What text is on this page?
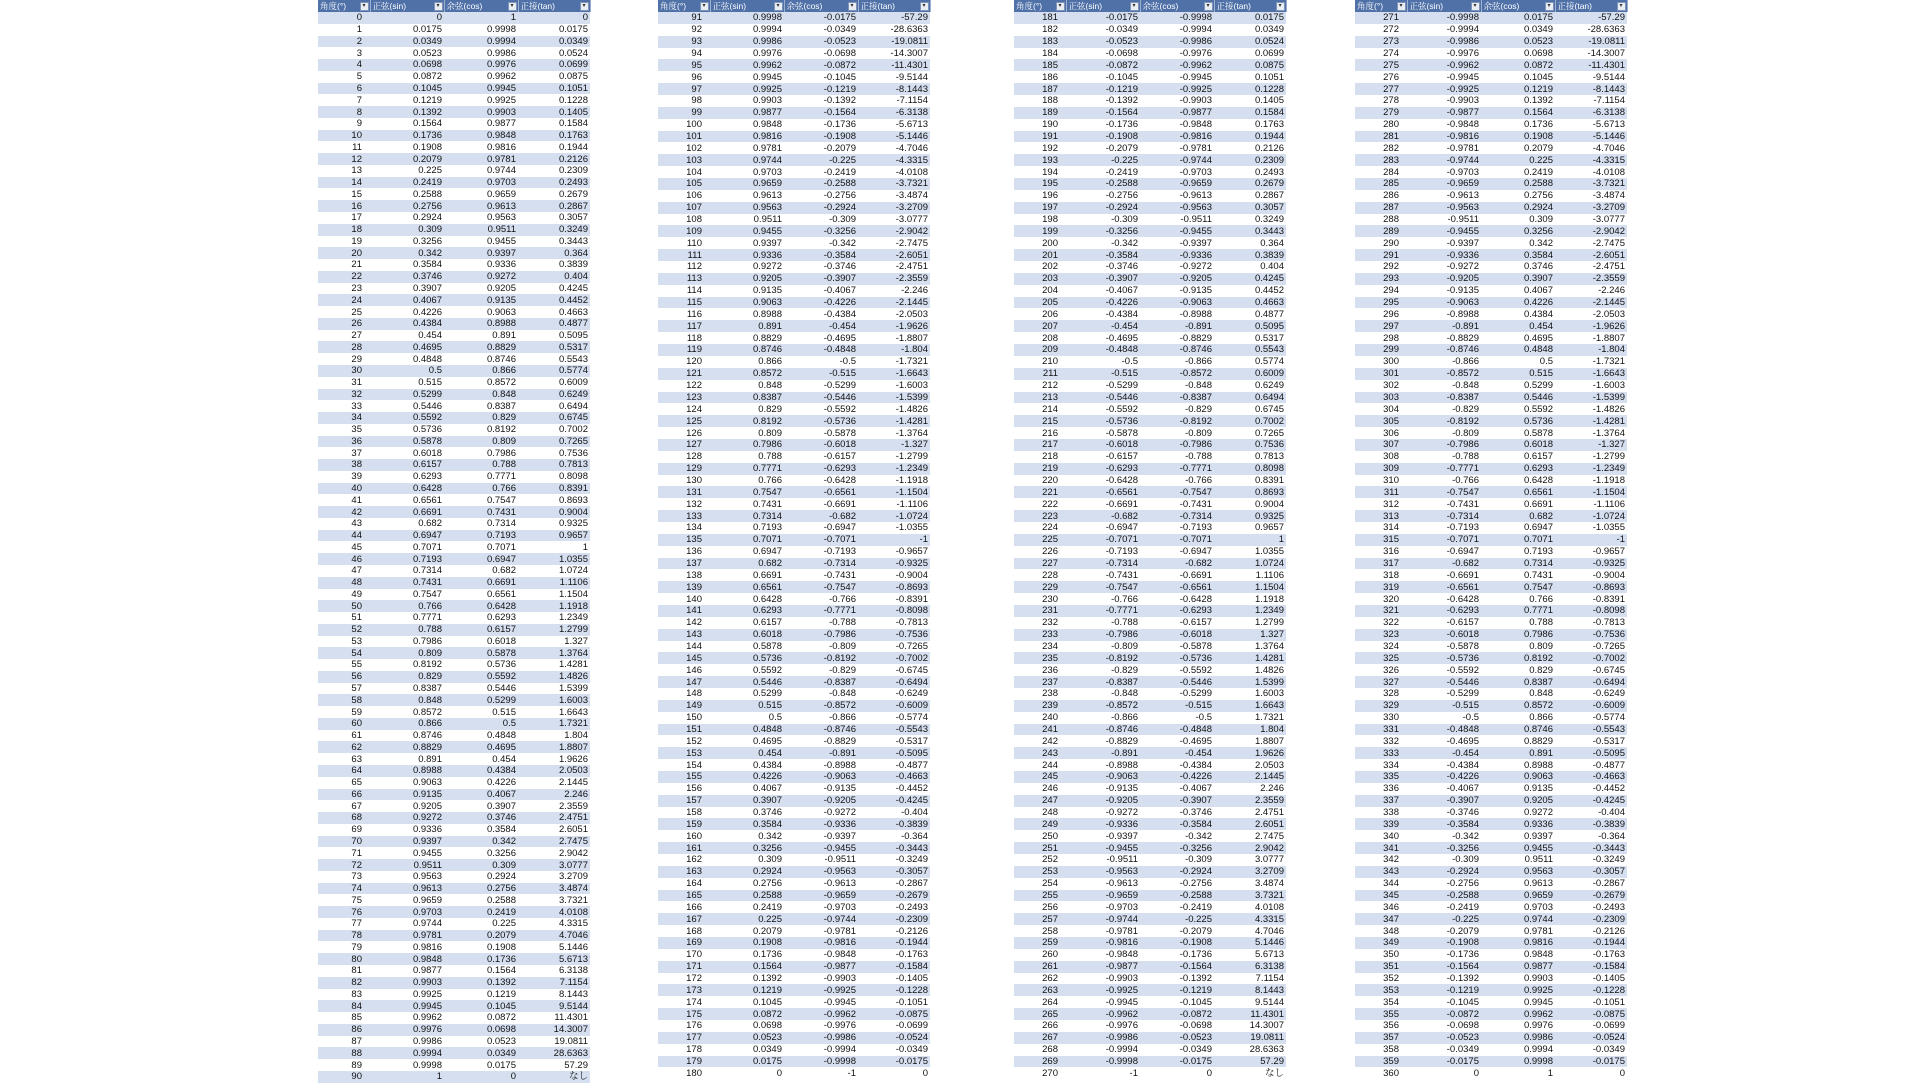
角度(°) ▾	正弦(sin) ▾	余弦(cos) ▾	正接(tan) ▾

0	0	1	0
1	0.0175	0.9998	0.0175
2	0.0349	0.9994	0.0349
3	0.0523	0.9986	0.0524
4	0.0698	0.9976	0.0699
5	0.0872	0.9962	0.0875
6	0.1045	0.9945	0.1051
7	0.1219	0.9925	0.1228
8	0.1392	0.9903	0.1405
9	0.1564	0.9877	0.1584
10	0.1736	0.9848	0.1763
11	0.1908	0.9816	0.1944
12	0.2079	0.9781	0.2126
13	0.225	0.9744	0.2309
14	0.2419	0.9703	0.2493
15	0.2588	0.9659	0.2679
16	0.2756	0.9613	0.2867
17	0.2924	0.9563	0.3057
18	0.309	0.9511	0.3249
19	0.3256	0.9455	0.3443
20	0.342	0.9397	0.364
21	0.3584	0.9336	0.3839
22	0.3746	0.9272	0.404
23	0.3907	0.9205	0.4245
24	0.4067	0.9135	0.4452
25	0.4226	0.9063	0.4663
26	0.4384	0.8988	0.4877
27	0.454	0.891	0.5095
28	0.4695	0.8829	0.5317
29	0.4848	0.8746	0.5543
30	0.5	0.866	0.5774
31	0.515	0.8572	0.6009
32	0.5299	0.848	0.6249
33	0.5446	0.8387	0.6494
34	0.5592	0.829	0.6745
35	0.5736	0.8192	0.7002
36	0.5878	0.809	0.7265
37	0.6018	0.7986	0.7536
38	0.6157	0.788	0.7813
39	0.6293	0.7771	0.8098
40	0.6428	0.766	0.8391
41	0.6561	0.7547	0.8693
42	0.6691	0.7431	0.9004
43	0.682	0.7314	0.9325
44	0.6947	0.7193	0.9657
45	0.7071	0.7071	1
46	0.7193	0.6947	1.0355
47	0.7314	0.682	1.0724
48	0.7431	0.6691	1.1106
49	0.7547	0.6561	1.1504
50	0.766	0.6428	1.1918
51	0.7771	0.6293	1.2349
52	0.788	0.6157	1.2799
53	0.7986	0.6018	1.327
54	0.809	0.5878	1.3764
55	0.8192	0.5736	1.4281
56	0.829	0.5592	1.4826
57	0.8387	0.5446	1.5399
58	0.848	0.5299	1.6003
59	0.8572	0.515	1.6643
60	0.866	0.5	1.7321
61	0.8746	0.4848	1.804
62	0.8829	0.4695	1.8807
63	0.891	0.454	1.9626
64	0.8988	0.4384	2.0503
65	0.9063	0.4226	2.1445
66	0.9135	0.4067	2.246
67	0.9205	0.3907	2.3559
68	0.9272	0.3746	2.4751
69	0.9336	0.3584	2.6051
70	0.9397	0.342	2.7475
71	0.9455	0.3256	2.9042
72	0.9511	0.309	3.0777
73	0.9563	0.2924	3.2709
74	0.9613	0.2756	3.4874
75	0.9659	0.2588	3.7321
76	0.9703	0.2419	4.0108
77	0.9744	0.225	4.3315
78	0.9781	0.2079	4.7046
79	0.9816	0.1908	5.1446
80	0.9848	0.1736	5.6713
81	0.9877	0.1564	6.3138
82	0.9903	0.1392	7.1154
83	0.9925	0.1219	8.1443
84	0.9945	0.1045	9.5144
85	0.9962	0.0872	11.4301
86	0.9976	0.0698	14.3007
87	0.9986	0.0523	19.0811
88	0.9994	0.0349	28.6363
89	0.9998	0.0175	57.29
90	1	0	なし
角度(°) ▾	正弦(sin) ▾	余弦(cos) ▾	正接(tan) ▾

91	0.9998	-0.0175	-57.29
92	0.9994	-0.0349	-28.6363
93	0.9986	-0.0523	-19.0811
94	0.9976	-0.0698	-14.3007
95	0.9962	-0.0872	-11.4301
96	0.9945	-0.1045	-9.5144
97	0.9925	-0.1219	-8.1443
98	0.9903	-0.1392	-7.1154
99	0.9877	-0.1564	-6.3138
100	0.9848	-0.1736	-5.6713
101	0.9816	-0.1908	-5.1446
102	0.9781	-0.2079	-4.7046
103	0.9744	-0.225	-4.3315
104	0.9703	-0.2419	-4.0108
105	0.9659	-0.2588	-3.7321
106	0.9613	-0.2756	-3.4874
107	0.9563	-0.2924	-3.2709
108	0.9511	-0.309	-3.0777
109	0.9455	-0.3256	-2.9042
110	0.9397	-0.342	-2.7475
111	0.9336	-0.3584	-2.6051
112	0.9272	-0.3746	-2.4751
113	0.9205	-0.3907	-2.3559
114	0.9135	-0.4067	-2.246
115	0.9063	-0.4226	-2.1445
116	0.8988	-0.4384	-2.0503
117	0.891	-0.454	-1.9626
118	0.8829	-0.4695	-1.8807
119	0.8746	-0.4848	-1.804
120	0.866	-0.5	-1.7321
121	0.8572	-0.515	-1.6643
122	0.848	-0.5299	-1.6003
123	0.8387	-0.5446	-1.5399
124	0.829	-0.5592	-1.4826
125	0.8192	-0.5736	-1.4281
126	0.809	-0.5878	-1.3764
127	0.7986	-0.6018	-1.327
128	0.788	-0.6157	-1.2799
129	0.7771	-0.6293	-1.2349
130	0.766	-0.6428	-1.1918
131	0.7547	-0.6561	-1.1504
132	0.7431	-0.6691	-1.1106
133	0.7314	-0.682	-1.0724
134	0.7193	-0.6947	-1.0355
135	0.7071	-0.7071	-1
136	0.6947	-0.7193	-0.9657
137	0.682	-0.7314	-0.9325
138	0.6691	-0.7431	-0.9004
139	0.6561	-0.7547	-0.8693
140	0.6428	-0.766	-0.8391
141	0.6293	-0.7771	-0.8098
142	0.6157	-0.788	-0.7813
143	0.6018	-0.7986	-0.7536
144	0.5878	-0.809	-0.7265
145	0.5736	-0.8192	-0.7002
146	0.5592	-0.829	-0.6745
147	0.5446	-0.8387	-0.6494
148	0.5299	-0.848	-0.6249
149	0.515	-0.8572	-0.6009
150	0.5	-0.866	-0.5774
151	0.4848	-0.8746	-0.5543
152	0.4695	-0.8829	-0.5317
153	0.454	-0.891	-0.5095
154	0.4384	-0.8988	-0.4877
155	0.4226	-0.9063	-0.4663
156	0.4067	-0.9135	-0.4452
157	0.3907	-0.9205	-0.4245
158	0.3746	-0.9272	-0.404
159	0.3584	-0.9336	-0.3839
160	0.342	-0.9397	-0.364
161	0.3256	-0.9455	-0.3443
162	0.309	-0.9511	-0.3249
163	0.2924	-0.9563	-0.3057
164	0.2756	-0.9613	-0.2867
165	0.2588	-0.9659	-0.2679
166	0.2419	-0.9703	-0.2493
167	0.225	-0.9744	-0.2309
168	0.2079	-0.9781	-0.2126
169	0.1908	-0.9816	-0.1944
170	0.1736	-0.9848	-0.1763
171	0.1564	-0.9877	-0.1584
172	0.1392	-0.9903	-0.1405
173	0.1219	-0.9925	-0.1228
174	0.1045	-0.9945	-0.1051
175	0.0872	-0.9962	-0.0875
176	0.0698	-0.9976	-0.0699
177	0.0523	-0.9986	-0.0524
178	0.0349	-0.9994	-0.0349
179	0.0175	-0.9998	-0.0175
180	0	-1	0
角度(°) ▾	正弦(sin) ▾	余弦(cos) ▾	正接(tan) ▾

181	-0.0175	-0.9998	0.0175
182	-0.0349	-0.9994	0.0349
183	-0.0523	-0.9986	0.0524
184	-0.0698	-0.9976	0.0699
185	-0.0872	-0.9962	0.0875
186	-0.1045	-0.9945	0.1051
187	-0.1219	-0.9925	0.1228
188	-0.1392	-0.9903	0.1405
189	-0.1564	-0.9877	0.1584
190	-0.1736	-0.9848	0.1763
191	-0.1908	-0.9816	0.1944
192	-0.2079	-0.9781	0.2126
193	-0.225	-0.9744	0.2309
194	-0.2419	-0.9703	0.2493
195	-0.2588	-0.9659	0.2679
196	-0.2756	-0.9613	0.2867
197	-0.2924	-0.9563	0.3057
198	-0.309	-0.9511	0.3249
199	-0.3256	-0.9455	0.3443
200	-0.342	-0.9397	0.364
201	-0.3584	-0.9336	0.3839
202	-0.3746	-0.9272	0.404
203	-0.3907	-0.9205	0.4245
204	-0.4067	-0.9135	0.4452
205	-0.4226	-0.9063	0.4663
206	-0.4384	-0.8988	0.4877
207	-0.454	-0.891	0.5095
208	-0.4695	-0.8829	0.5317
209	-0.4848	-0.8746	0.5543
210	-0.5	-0.866	0.5774
211	-0.515	-0.8572	0.6009
212	-0.5299	-0.848	0.6249
213	-0.5446	-0.8387	0.6494
214	-0.5592	-0.829	0.6745
215	-0.5736	-0.8192	0.7002
216	-0.5878	-0.809	0.7265
217	-0.6018	-0.7986	0.7536
218	-0.6157	-0.788	0.7813
219	-0.6293	-0.7771	0.8098
220	-0.6428	-0.766	0.8391
221	-0.6561	-0.7547	0.8693
222	-0.6691	-0.7431	0.9004
223	-0.682	-0.7314	0.9325
224	-0.6947	-0.7193	0.9657
225	-0.7071	-0.7071	1
226	-0.7193	-0.6947	1.0355
227	-0.7314	-0.682	1.0724
228	-0.7431	-0.6691	1.1106
229	-0.7547	-0.6561	1.1504
230	-0.766	-0.6428	1.1918
231	-0.7771	-0.6293	1.2349
232	-0.788	-0.6157	1.2799
233	-0.7986	-0.6018	1.327
234	-0.809	-0.5878	1.3764
235	-0.8192	-0.5736	1.4281
236	-0.829	-0.5592	1.4826
237	-0.8387	-0.5446	1.5399
238	-0.848	-0.5299	1.6003
239	-0.8572	-0.515	1.6643
240	-0.866	-0.5	1.7321
241	-0.8746	-0.4848	1.804
242	-0.8829	-0.4695	1.8807
243	-0.891	-0.454	1.9626
244	-0.8988	-0.4384	2.0503
245	-0.9063	-0.4226	2.1445
246	-0.9135	-0.4067	2.246
247	-0.9205	-0.3907	2.3559
248	-0.9272	-0.3746	2.4751
249	-0.9336	-0.3584	2.6051
250	-0.9397	-0.342	2.7475
251	-0.9455	-0.3256	2.9042
252	-0.9511	-0.309	3.0777
253	-0.9563	-0.2924	3.2709
254	-0.9613	-0.2756	3.4874
255	-0.9659	-0.2588	3.7321
256	-0.9703	-0.2419	4.0108
257	-0.9744	-0.225	4.3315
258	-0.9781	-0.2079	4.7046
259	-0.9816	-0.1908	5.1446
260	-0.9848	-0.1736	5.6713
261	-0.9877	-0.1564	6.3138
262	-0.9903	-0.1392	7.1154
263	-0.9925	-0.1219	8.1443
264	-0.9945	-0.1045	9.5144
265	-0.9962	-0.0872	11.4301
266	-0.9976	-0.0698	14.3007
267	-0.9986	-0.0523	19.0811
268	-0.9994	-0.0349	28.6363
269	-0.9998	-0.0175	57.29
270	-1	0	なし
角度(°) ▾	正弦(sin) ▾	余弦(cos) ▾	正接(tan) ▾

271	-0.9998	0.0175	-57.29
272	-0.9994	0.0349	-28.6363
273	-0.9986	0.0523	-19.0811
274	-0.9976	0.0698	-14.3007
275	-0.9962	0.0872	-11.4301
276	-0.9945	0.1045	-9.5144
277	-0.9925	0.1219	-8.1443
278	-0.9903	0.1392	-7.1154
279	-0.9877	0.1564	-6.3138
280	-0.9848	0.1736	-5.6713
281	-0.9816	0.1908	-5.1446
282	-0.9781	0.2079	-4.7046
283	-0.9744	0.225	-4.3315
284	-0.9703	0.2419	-4.0108
285	-0.9659	0.2588	-3.7321
286	-0.9613	0.2756	-3.4874
287	-0.9563	0.2924	-3.2709
288	-0.9511	0.309	-3.0777
289	-0.9455	0.3256	-2.9042
290	-0.9397	0.342	-2.7475
291	-0.9336	0.3584	-2.6051
292	-0.9272	0.3746	-2.4751
293	-0.9205	0.3907	-2.3559
294	-0.9135	0.4067	-2.246
295	-0.9063	0.4226	-2.1445
296	-0.8988	0.4384	-2.0503
297	-0.891	0.454	-1.9626
298	-0.8829	0.4695	-1.8807
299	-0.8746	0.4848	-1.804
300	-0.866	0.5	-1.7321
301	-0.8572	0.515	-1.6643
302	-0.848	0.5299	-1.6003
303	-0.8387	0.5446	-1.5399
304	-0.829	0.5592	-1.4826
305	-0.8192	0.5736	-1.4281
306	-0.809	0.5878	-1.3764
307	-0.7986	0.6018	-1.327
308	-0.788	0.6157	-1.2799
309	-0.7771	0.6293	-1.2349
310	-0.766	0.6428	-1.1918
311	-0.7547	0.6561	-1.1504
312	-0.7431	0.6691	-1.1106
313	-0.7314	0.682	-1.0724
314	-0.7193	0.6947	-1.0355
315	-0.7071	0.7071	-1
316	-0.6947	0.7193	-0.9657
317	-0.682	0.7314	-0.9325
318	-0.6691	0.7431	-0.9004
319	-0.6561	0.7547	-0.8693
320	-0.6428	0.766	-0.8391
321	-0.6293	0.7771	-0.8098
322	-0.6157	0.788	-0.7813
323	-0.6018	0.7986	-0.7536
324	-0.5878	0.809	-0.7265
325	-0.5736	0.8192	-0.7002
326	-0.5592	0.829	-0.6745
327	-0.5446	0.8387	-0.6494
328	-0.5299	0.848	-0.6249
329	-0.515	0.8572	-0.6009
330	-0.5	0.866	-0.5774
331	-0.4848	0.8746	-0.5543
332	-0.4695	0.8829	-0.5317
333	-0.454	0.891	-0.5095
334	-0.4384	0.8988	-0.4877
335	-0.4226	0.9063	-0.4663
336	-0.4067	0.9135	-0.4452
337	-0.3907	0.9205	-0.4245
338	-0.3746	0.9272	-0.404
339	-0.3584	0.9336	-0.3839
340	-0.342	0.9397	-0.364
341	-0.3256	0.9455	-0.3443
342	-0.309	0.9511	-0.3249
343	-0.2924	0.9563	-0.3057
344	-0.2756	0.9613	-0.2867
345	-0.2588	0.9659	-0.2679
346	-0.2419	0.9703	-0.2493
347	-0.225	0.9744	-0.2309
348	-0.2079	0.9781	-0.2126
349	-0.1908	0.9816	-0.1944
350	-0.1736	0.9848	-0.1763
351	-0.1564	0.9877	-0.1584
352	-0.1392	0.9903	-0.1405
353	-0.1219	0.9925	-0.1228
354	-0.1045	0.9945	-0.1051
355	-0.0872	0.9962	-0.0875
356	-0.0698	0.9976	-0.0699
357	-0.0523	0.9986	-0.0524
358	-0.0349	0.9994	-0.0349
359	-0.0175	0.9998	-0.0175
360	0	1	0
